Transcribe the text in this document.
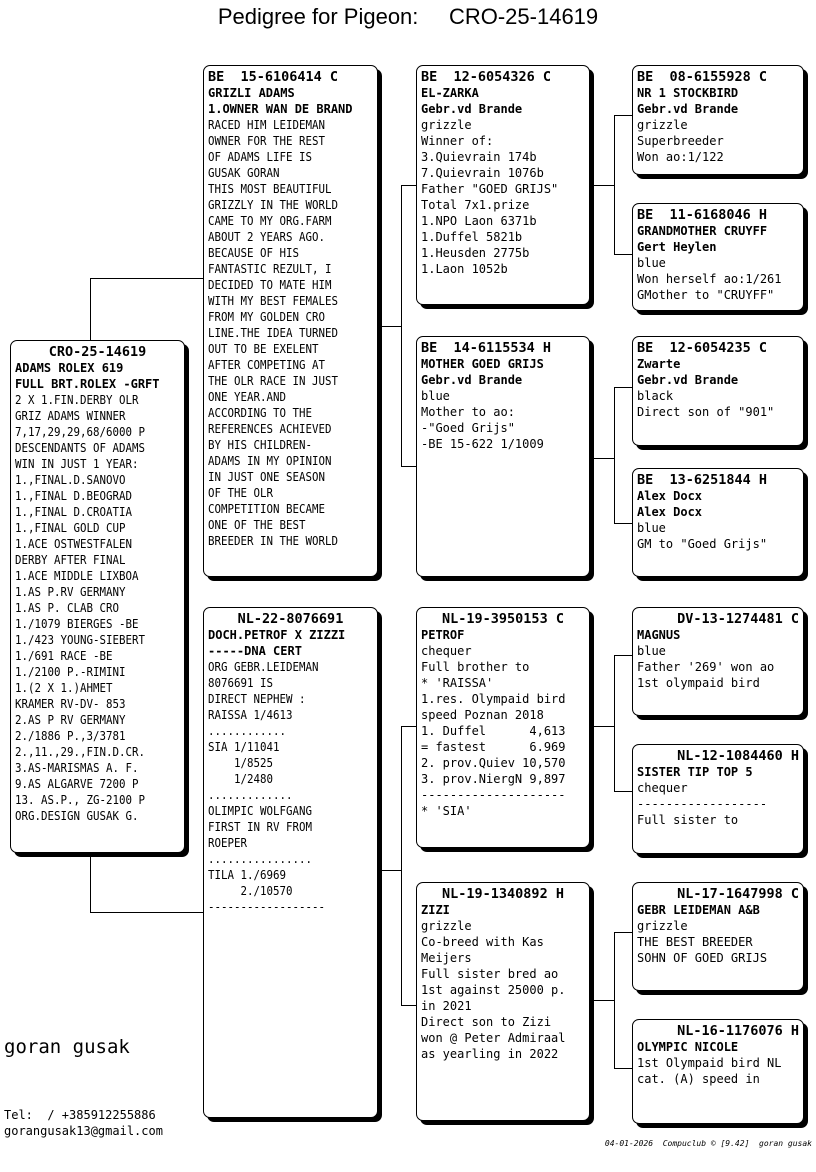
Pedigree for Pigeon: CRO-25-14619
CRO-25-14619
ADAMS ROLEX 619
FULL BRT.ROLEX -GRFT
2 X 1.FIN.DERBY OLR
GRIZ ADAMS WINNER
7,17,29,29,68/6000 P
DESCENDANTS OF ADAMS
WIN IN JUST 1 YEAR:
1.,FINAL.D.SANOVO
1.,FINAL D.BEOGRAD
1.,FINAL D.CROATIA
1.,FINAL GOLD CUP
1.ACE OSTWESTFALEN
DERBY AFTER FINAL
1.ACE MIDDLE LIXBOA
1.AS P.RV GERMANY
1.AS P. CLAB CRO
1./1079 BIERGES -BE
1./423 YOUNG-SIEBERT
1./691 RACE -BE
1./2100 P.-RIMINI
1.(2 X 1.)AHMET
KRAMER RV-DV- 853
2.AS P RV GERMANY
2./1886 P.,3/3781
2.,11.,29.,FIN.D.CR.
3.AS-MARISMAS A. F.
9.AS ALGARVE 7200 P
13. AS.P., ZG-2100 P
ORG.DESIGN GUSAK G.
BE  15-6106414 C
GRIZLI ADAMS
1.OWNER WAN DE BRAND
RACED HIM LEIDEMAN
OWNER FOR THE REST
OF ADAMS LIFE IS
GUSAK GORAN
THIS MOST BEAUTIFUL
GRIZZLY IN THE WORLD
CAME TO MY ORG.FARM
ABOUT 2 YEARS AGO.
BECAUSE OF HIS
FANTASTIC REZULT, I
DECIDED TO MATE HIM
WITH MY BEST FEMALES
FROM MY GOLDEN CRO
LINE.THE IDEA TURNED
OUT TO BE EXELENT
AFTER COMPETING AT
THE OLR RACE IN JUST
ONE YEAR.AND
ACCORDING TO THE
REFERENCES ACHIEVED
BY HIS CHILDREN-
ADAMS IN MY OPINION
IN JUST ONE SEASON
OF THE OLR
COMPETITION BECAME
ONE OF THE BEST
BREEDER IN THE WORLD
NL-22-8076691
DOCH.PETROF X ZIZZI
-----DNA CERT
ORG GEBR.LEIDEMAN
8076691 IS
DIRECT NEPHEW :
RAISSA 1/4613
............
SIA 1/11041
1/8525
1/2480
.............
OLIMPIC WOLFGANG
FIRST IN RV FROM
ROEPER
................
TILA 1./6969
2./10570
------------------
BE  12-6054326 C
EL-ZARKA
Gebr.vd Brande
grizzle
Winner of:
3.Quievrain 174b
7.Quievrain 1076b
Father "GOED GRIJS"
Total 7x1.prize
1.NPO Laon 6371b
1.Duffel 5821b
1.Heusden 2775b
1.Laon 1052b
BE  14-6115534 H
MOTHER GOED GRIJS
Gebr.vd Brande
blue
Mother to ao:
-"Goed Grijs"
-BE 15-622 1/1009
NL-19-3950153 C
PETROF
chequer
Full brother to
* 'RAISSA'
1.res. Olympaid bird
speed Poznan 2018
1. Duffel      4,613
= fastest      6.969
2. prov.Quiev 10,570
3. prov.NiergN 9,897
--------------------
* 'SIA'
NL-19-1340892 H
ZIZI
grizzle
Co-breed with Kas
Meijers
Full sister bred ao
1st against 25000 p.
in 2021
Direct son to Zizi
won @ Peter Admiraal
as yearling in 2022
BE  08-6155928 C
NR 1 STOCKBIRD
Gebr.vd Brande
grizzle
Superbreeder
Won ao:1/122
BE  11-6168046 H
GRANDMOTHER CRUYFF
Gert Heylen
blue
Won herself ao:1/261
GMother to "CRUYFF"
BE  12-6054235 C
Zwarte
Gebr.vd Brande
black
Direct son of "901"
BE  13-6251844 H
Alex Docx
Alex Docx
blue
GM to "Goed Grijs"
DV-13-1274481 C
MAGNUS
blue
Father '269' won ao
1st olympaid bird
NL-12-1084460 H
SISTER TIP TOP 5
chequer
------------------
Full sister to
NL-17-1647998 C
GEBR LEIDEMAN A&B
grizzle
THE BEST BREEDER
SOHN OF GOED GRIJS
NL-16-1176076 H
OLYMPIC NICOLE
1st Olympaid bird NL
cat. (A) speed in
goran gusak
Tel:  / +385912255886
gorangusak13@gmail.com
04-01-2026  Compuclub © [9.42]  goran gusak
